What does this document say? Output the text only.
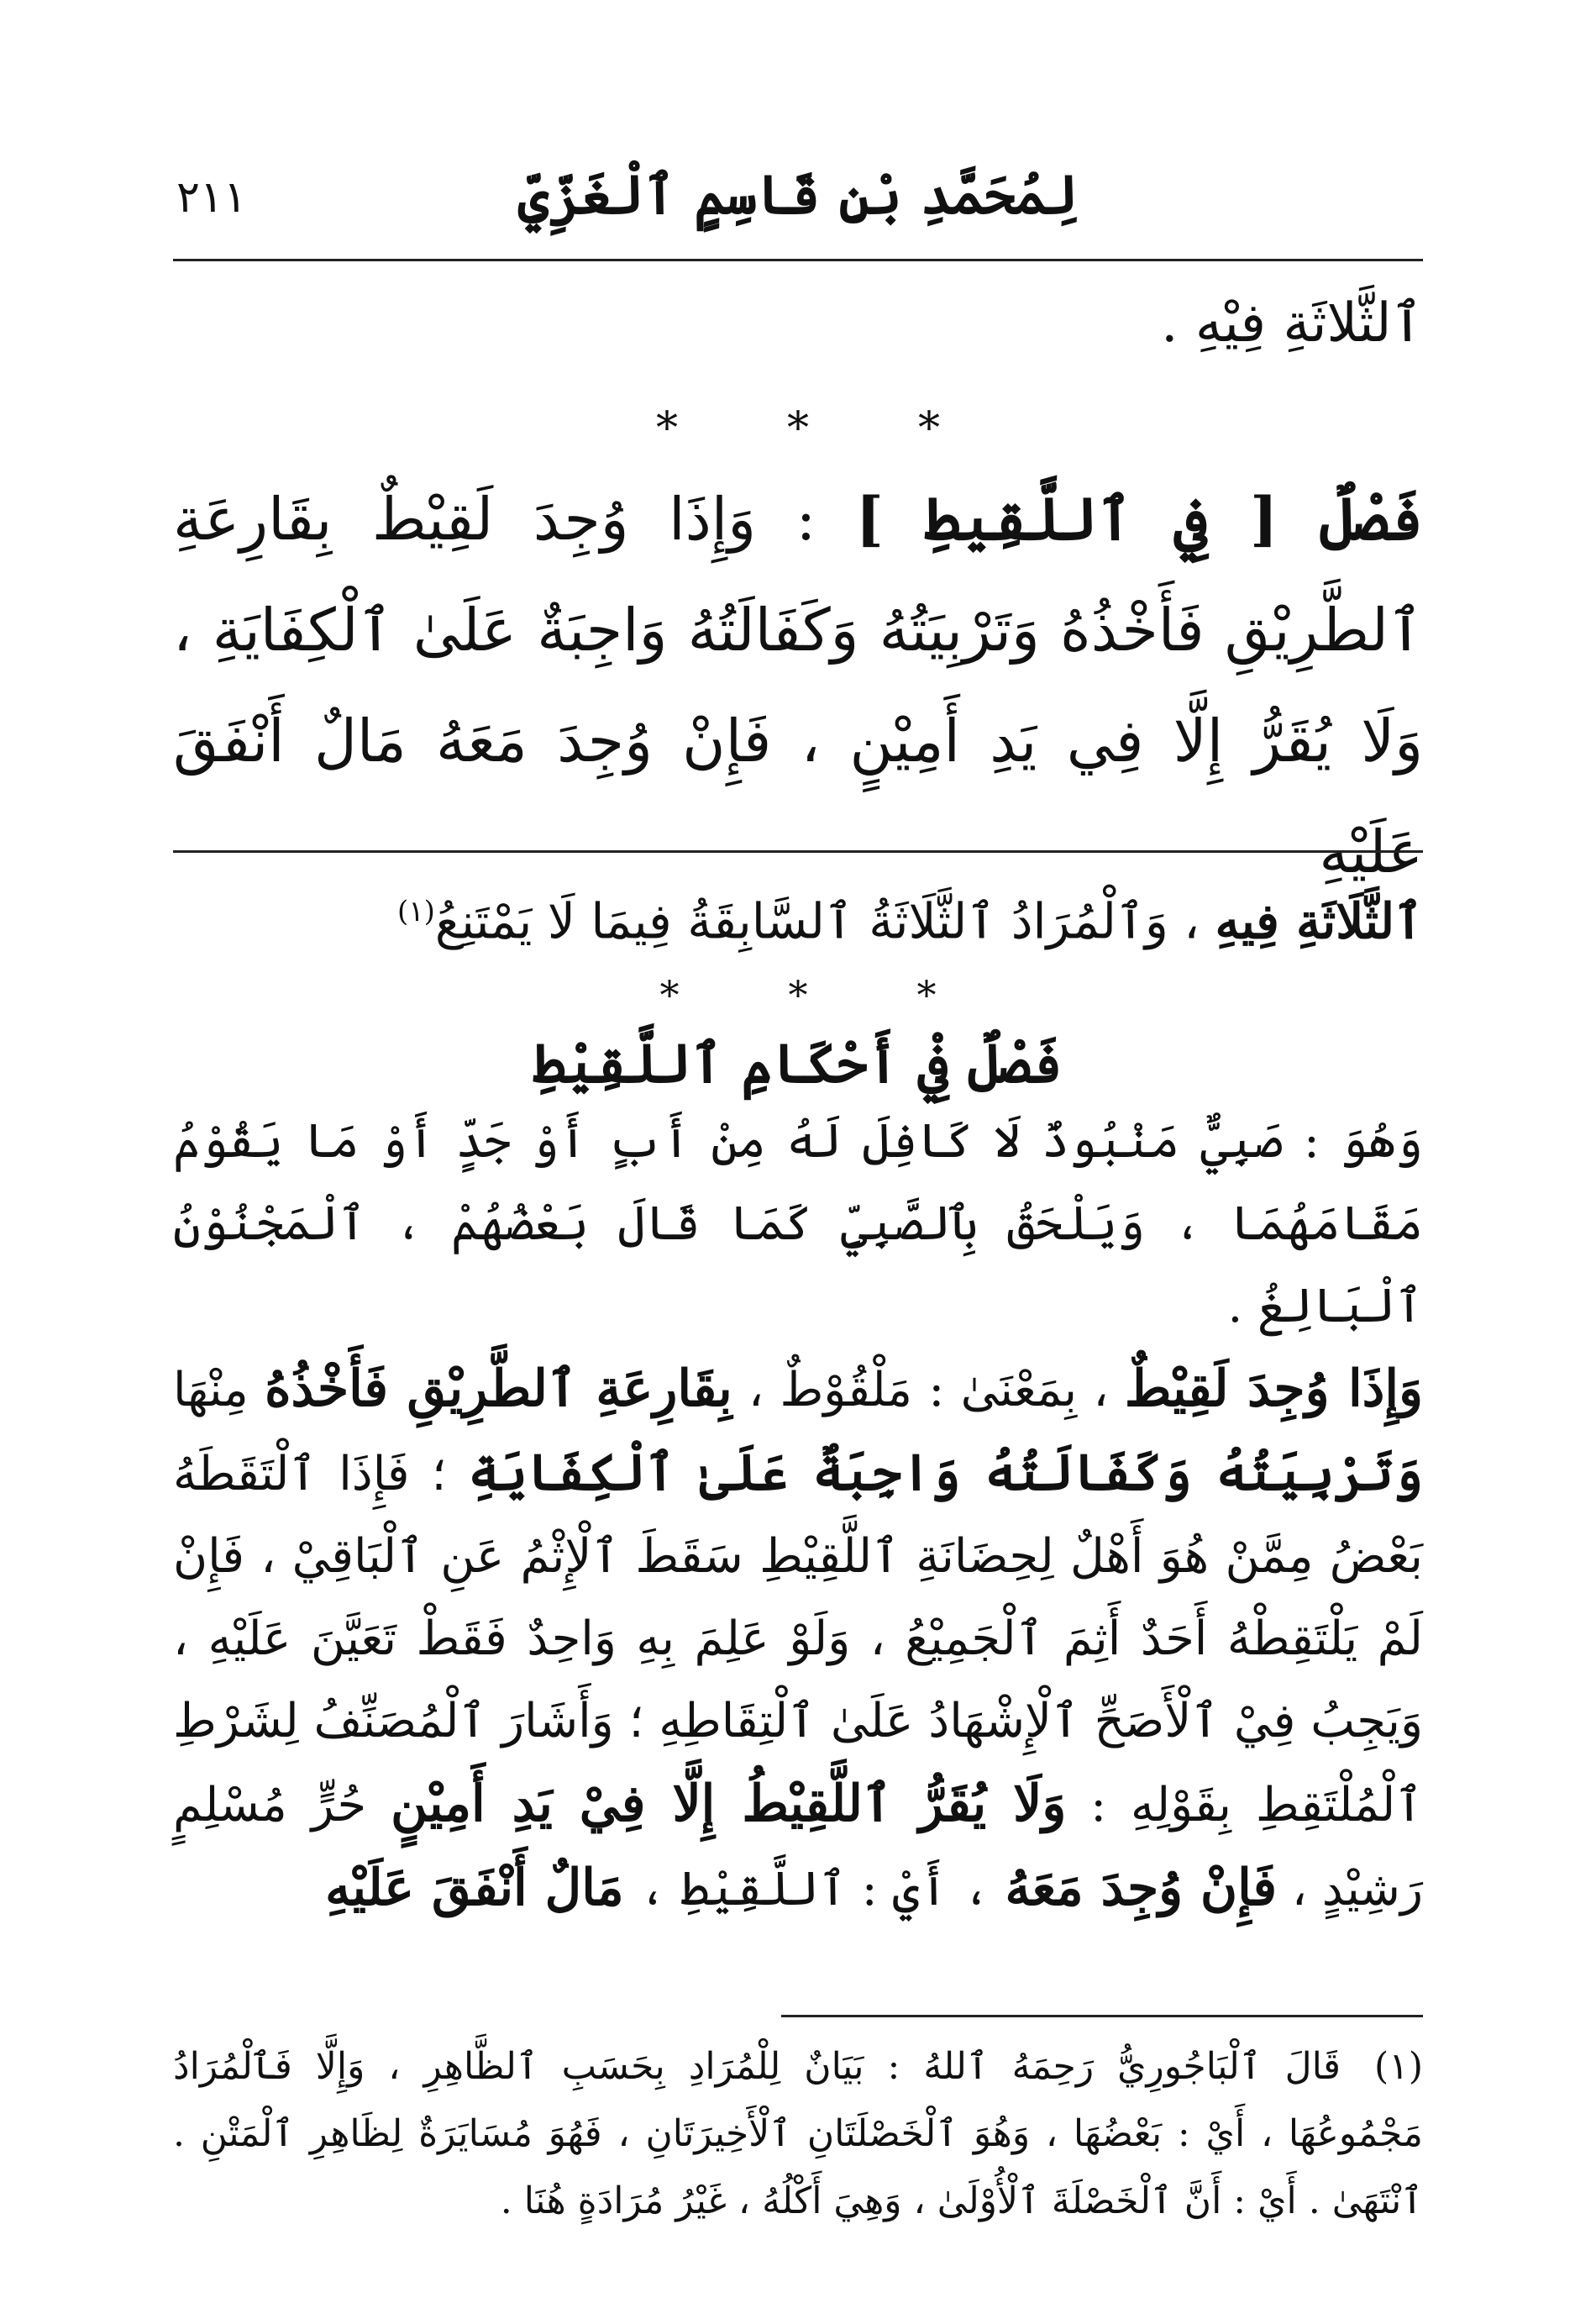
٢١١	لِمُحَمَّدِ بْنِ قَاسِمٍ ٱلْغَزِّيِّ

ٱلثَّلاثَةِ فِيْهِ .

***

فَصْلٌ [ فِي ٱللَّقِيطِ ] : وَإِذَا وُجِدَ لَقِيْطٌ بِقَارِعَةِ ٱلطَّرِيْقِ فَأَخْذُهُ وَتَرْبِيَتُهُ وَكَفَالَتُهُ وَاجِبَةٌ عَلَىٰ ٱلْكِفَايَةِ ، وَلَا يُقَرُّ إِلَّا فِي يَدِ أَمِيْنٍ ، فَإِنْ وُجِدَ مَعَهُ مَالٌ أَنْفَقَ عَلَيْهِ

ٱلثَّلَاثَةِ فِيهِ ، وَٱلْمُرَادُ ٱلثَّلَاثَةُ ٱلسَّابِقَةُ فِيمَا لَا يَمْتَنِعُ$^{(١)}$

***

فَصْلٌ فِيْ أَحْكَامِ ٱللَّقِيْطِ

وَهُوَ : صَبِيٌّ مَنْبُوذٌ لَا كَافِلَ لَهُ مِنْ أَبٍ أَوْ جَدٍّ أَوْ مَا يَقُوْمُ مَقَامَهُمَا ، وَيَلْحَقُ بِٱلصَّبِيِّ كَمَا قَالَ بَعْضُهُمْ ، ٱلْمَجْنُوْنُ ٱلْبَالِغُ .

وَإِذَا وُجِدَ لَقِيْطٌ ، بِمَعْنَىٰ : مَلْقُوْطٌ ، بِقَارِعَةِ ٱلطَّرِيْقِ فَأَخْذُهُ مِنْهَا وَتَرْبِيَتُهُ وَكَفَالَتُهُ وَاجِبَةٌ عَلَىٰ ٱلْكِفَايَةِ ؛ فَإِذَا ٱلْتَقَطَهُ بَعْضُ مِمَّنْ هُوَ أَهْلٌ لِحِضَانَةِ ٱللَّقِيْطِ سَقَطَ ٱلْإِثْمُ عَنِ ٱلْبَاقِيْ ، فَإِنْ لَمْ يَلْتَقِطْهُ أَحَدٌ أَثِمَ ٱلْجَمِيْعُ ، وَلَوْ عَلِمَ بِهِ وَاحِدٌ فَقَطْ تَعَيَّنَ عَلَيْهِ ، وَيَجِبُ فِيْ ٱلْأَصَحِّ ٱلْإِشْهَادُ عَلَىٰ ٱلْتِقَاطِهِ ؛ وَأَشَارَ ٱلْمُصَنِّفُ لِشَرْطِ ٱلْمُلْتَقِطِ بِقَوْلِهِ : وَلَا يُقَرُّ ٱللَّقِيْطُ إِلَّا فِيْ يَدِ أَمِيْنٍ حُرٍّ مُسْلِمٍ رَشِيْدٍ ، فَإِنْ وُجِدَ مَعَهُ ، أَيْ : ٱللَّقِيْطِ ، مَالٌ أَنْفَقَ عَلَيْهِ

(١)قَالَ ٱلْبَاجُورِيُّ رَحِمَهُ ٱللهُ : بَيَانٌ لِلْمُرَادِ بِحَسَبِ ٱلظَّاهِرِ ، وَإِلَّا فَٱلْمُرَادُ مَجْمُوعُهَا ، أَيْ : بَعْضُهَا ، وَهُوَ ٱلْخَصْلَتَانِ ٱلْأَخِيرَتَانِ ، فَهُوَ مُسَايَرَةٌ لِظَاهِرِ ٱلْمَتْنِ . ٱنْتَهَىٰ . أَيْ : أَنَّ ٱلْخَصْلَةَ ٱلْأُوْلَىٰ ، وَهِيَ أَكْلُهُ ، غَيْرُ مُرَادَةٍ هُنَا .
